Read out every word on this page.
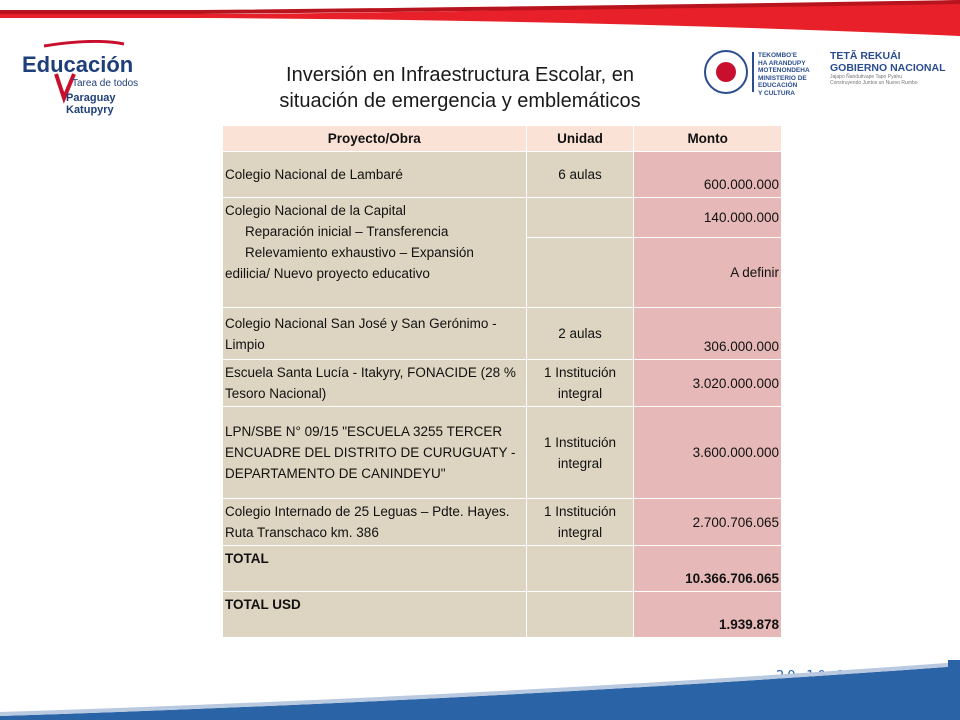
Educación
Tarea de todos
Paraguay Katupyry
Inversión en Infraestructura Escolar, en
situación de emergencia y emblemáticos
TEKOMBO'E
HA ARANDUPY
MOTENONDEHA
MINISTERIO DE
EDUCACIÓN
Y CULTURA
TETÃ REKUÁI
GOBIERNO NACIONAL
Jajapo Ñandutivape Tapo Pyahu
Construyendo Juntos un Nuevo Rumbo
Proyecto/Obra	Unidad	Monto
Colegio Nacional de Lambaré	6 aulas	600.000.000

Colegio Nacional de la Capital
Reparación inicial – Transferencia
Relevamiento exhaustivo – Expansión
edilicia/ Nuevo proyecto educativo		140.000.000
		A definir
Colegio Nacional San José y San Gerónimo - Limpio	2 aulas	306.000.000
Escuela Santa Lucía - Itakyry, FONACIDE (28 % Tesoro Nacional)	1 Institución integral	3.020.000.000
LPN/SBE N° 09/15 "ESCUELA 3255 TERCER ENCUADRE DEL DISTRITO DE CURUGUATY - DEPARTAMENTO DE CANINDEYU"	1 Institución integral	3.600.000.000
Colegio Internado de 25 Leguas – Pdte. Hayes. Ruta Transchaco km. 386	1 Institución integral	2.700.706.065
TOTAL		10.366.706.065
TOTAL USD		1.939.878
